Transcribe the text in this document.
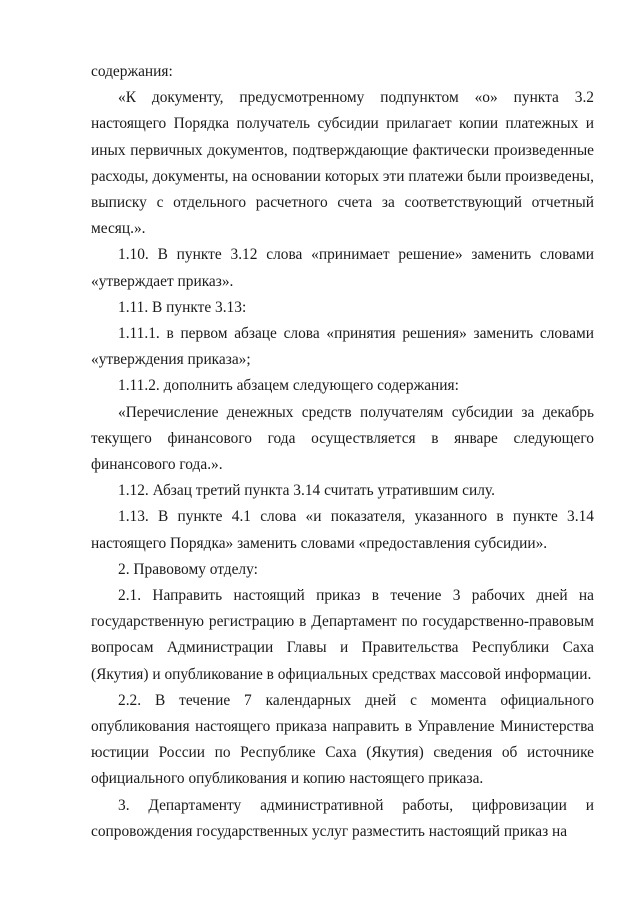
содержания:

«К документу, предусмотренному подпунктом «о» пункта 3.2 настоящего Порядка получатель субсидии прилагает копии платежных и иных первичных документов, подтверждающие фактически произведенные расходы, документы, на основании которых эти платежи были произведены, выписку с отдельного расчетного счета за соответствующий отчетный месяц.».

1.10. В пункте 3.12 слова «принимает решение» заменить словами «утверждает приказ».

1.11. В пункте 3.13:

1.11.1. в первом абзаце слова «принятия решения» заменить словами «утверждения приказа»;

1.11.2. дополнить абзацем следующего содержания:

«Перечисление денежных средств получателям субсидии за декабрь текущего финансового года осуществляется в январе следующего финансового года.».

1.12. Абзац третий пункта 3.14 считать утратившим силу.

1.13. В пункте 4.1 слова «и показателя, указанного в пункте 3.14 настоящего Порядка» заменить словами «предоставления субсидии».

2. Правовому отделу:

2.1. Направить настоящий приказ в течение 3 рабочих дней на государственную регистрацию в Департамент по государственно-правовым вопросам Администрации Главы и Правительства Республики Саха (Якутия) и опубликование в официальных средствах массовой информации.

2.2. В течение 7 календарных дней с момента официального опубликования настоящего приказа направить в Управление Министерства юстиции России по Республике Саха (Якутия) сведения об источнике официального опубликования и копию настоящего приказа.

3. Департаменту административной работы, цифровизации и сопровождения государственных услуг разместить настоящий приказ на
